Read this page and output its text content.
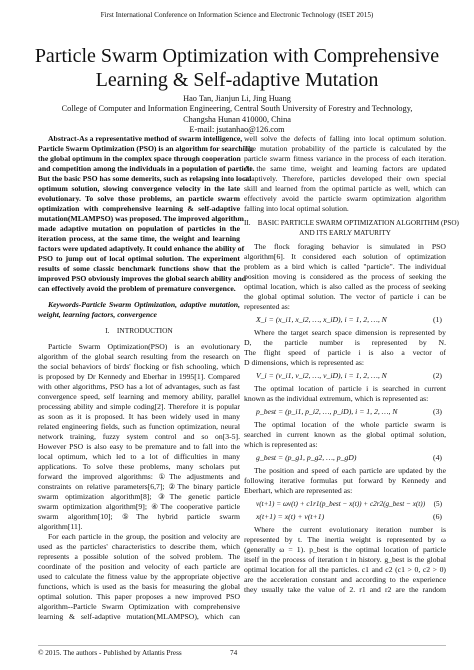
First International Conference on Information Science and Electronic Technology (ISET 2015)
Particle Swarm Optimization with Comprehensive
Learning & Self-adaptive Mutation
Hao Tan, Jianjun Li, Jing Huang
College of Computer and Information Engineering, Central South University of Forestry and Technology,
Changsha Hunan 410000, China
E-mail: jsutanhao@126.com

Abstract-As a representative method of swarm intelligence,
Particle Swarm Optimization (PSO) is an algorithm for searching
the global optimum in the complex space through cooperation
and competition among the individuals in a population of particle.
But the basic PSO has some demerits, such as relapsing into local
optimum solution, slowing convergence velocity in the late
evolutionary. To solve those problems, an particle swarm
optimization with comprehensive learning & self-adaptive
mutation(MLAMPSO) was proposed. The improved algorithm
made adaptive mutation on population of particles in the
iteration process, at the same time, the weight and learning
factors were updated adaptively. It could enhance the ability of
PSO to jump out of local optimal solution. The experiment
results of some classic benchmark functions show that the
improved PSO obviously improves the global search ability and
can effectively avoid the problem of premature convergence.

Keywords-Particle Swarm Optimization, adaptive mutation,
weight, learning factors, convergence

I. INTRODUCTION

Particle Swarm Optimization(PSO) is an evolutionary
algorithm of the global search resulting from the research on
the social behaviors of birds' flocking or fish schooling, which
is proposed by Dr Kennedy and Eberhar in 1995[1]. Compared
with other algorithms, PSO has a lot of advantages, such as fast
convergence speed, self learning and memory ability, parallel
processing ability and simple coding[2]. Therefore it is popular
as soon as it is proposed. It has been widely used in many
related engineering fields, such as function optimization, neural
network training, fuzzy system control and so on[3-5].
However PSO is also easy to be premature and to fall into the
local optimum, which led to a lot of difficulties in many
applications. To solve these problems, many scholars put
forward the improved algorithms: ①The adjustments and
constraints on relative parameters[6,7]; ②The binary particle
swarm optimization algorithm[8]; ③The genetic particle
swarm optimization algorithm[9]; ④The cooperative particle
swarm algorithm[10]; ⑤The hybrid particle swarm
algorithm[11].

For each particle in the group, the position and velocity are
used as the particles' characteristics to describe them, which
represents a possible solution of the solved problem. The
coordinate of the position and velocity of each particle are
used to calculate the fitness value by the appropriate objective
functions, which is used as the basis for measuring the global
optimal solution. This paper proposes a new improved PSO
algorithm--Particle Swarm Optimization with comprehensive
learning & self-adaptive mutation(MLAMPSO), which can

well solve the defects of falling into local optimum solution.
The mutation probability of the particle is calculated by the
particle swarm fitness variance in the process of each iteration.
At the same time, weight and learning factors are updated
adaptively. Therefore, particles developed their own special
skill and learned from the optimal particle as well, which can
effectively avoid the particle swarm optimization algorithm
falling into local optimal solution.

II. BASIC PARTICLE SWARM OPTIMIZATION ALGORITHM (PSO)
AND ITS EARLY MATURITY

The flock foraging behavior is simulated in PSO
algorithm[6]. It considered each solution of optimization
problem as a bird which is called "particle". The individual
position moving is considered as the process of seeking the
optimal location, which is also called as the process of seeking
the global optimal solution. The vector of particle i can be
represented as:

X_i = (x_i1, x_i2, …, x_iD), i = 1, 2, …, N	(1)

Where the target search space dimension is represented by
D, the particle number is represented by N.
The flight speed of particle i is also a vector of
D dimensions, which is represented as:

V_i = (v_i1, v_i2, …, v_iD), i = 1, 2, …, N	(2)

The optimal location of particle i is searched in current
known as the individual extremum, which is represented as:

p_best = (p_i1, p_i2, …, p_iD), i = 1, 2, …, N	(3)

The optimal location of the whole particle swarm is
searched in current known as the global optimal solution,
which is represented as:

g_best = (p_g1, p_g2, …, p_gD)	(4)

The position and speed of each particle are updated by the
following iterative formulas put forward by Kennedy and
Eberhart, which are represented as:

v(t+1) = ωv(t) + c1r1(p_best − x(t)) + c2r2(g_best − x(t)) (5)
x(t+1) = x(t) + v(t+1)	(6)

Where the current evolutionary iteration number is
represented by t. The inertia weight is represented by ω
(generally ω = 1). p_best is the optimal location of particle
itself in the process of iteration t in history. g_best is the global
optimal location for all the particles. c1 and c2 (c1 > 0, c2 > 0)
are the acceleration constant and according to the experience
they usually take the value of 2. r1 and r2 are the random

© 2015. The authors - Published by Atlantis Press	74
